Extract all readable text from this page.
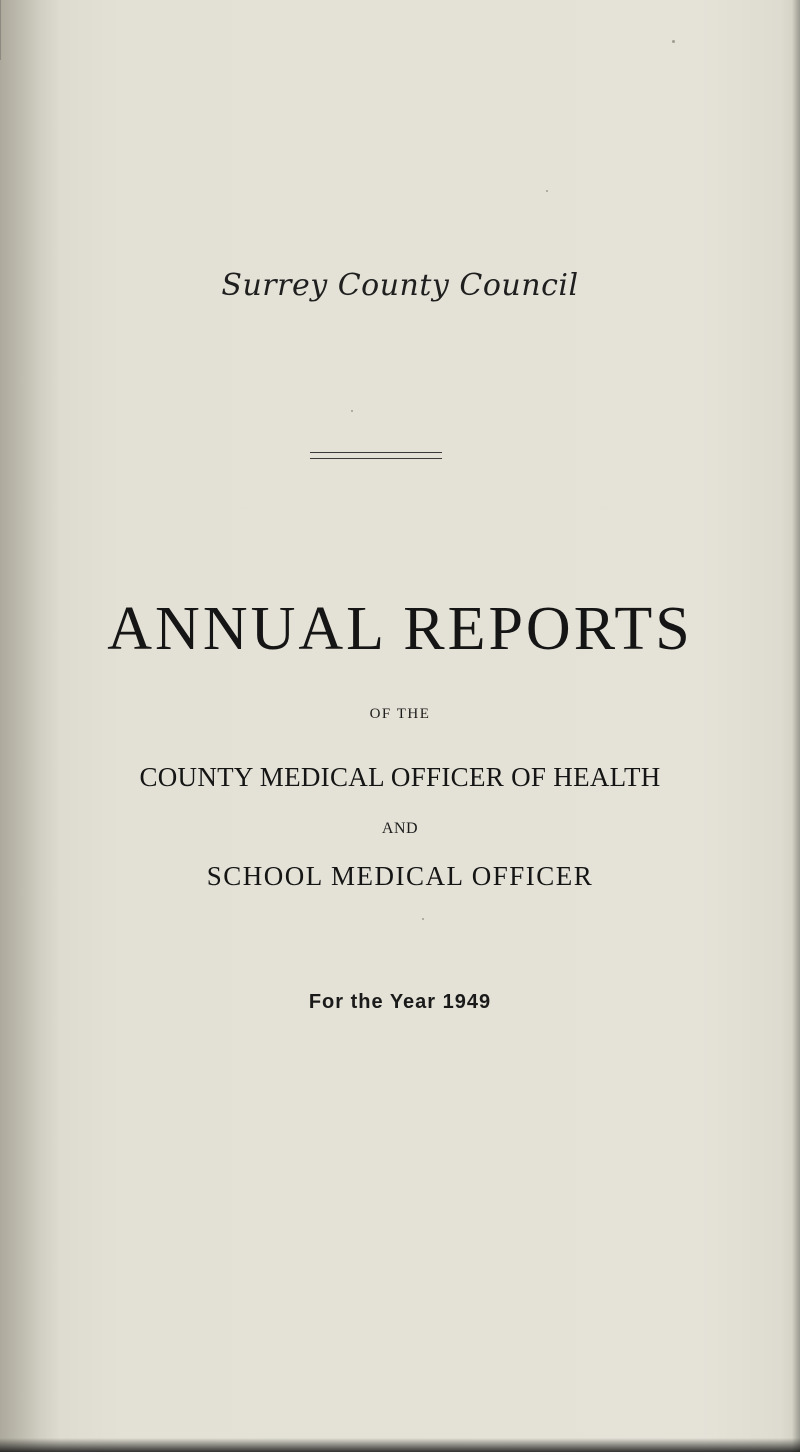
Surrey County Council
ANNUAL REPORTS
OF THE
COUNTY MEDICAL OFFICER OF HEALTH
AND
SCHOOL MEDICAL OFFICER
For the Year 1949
